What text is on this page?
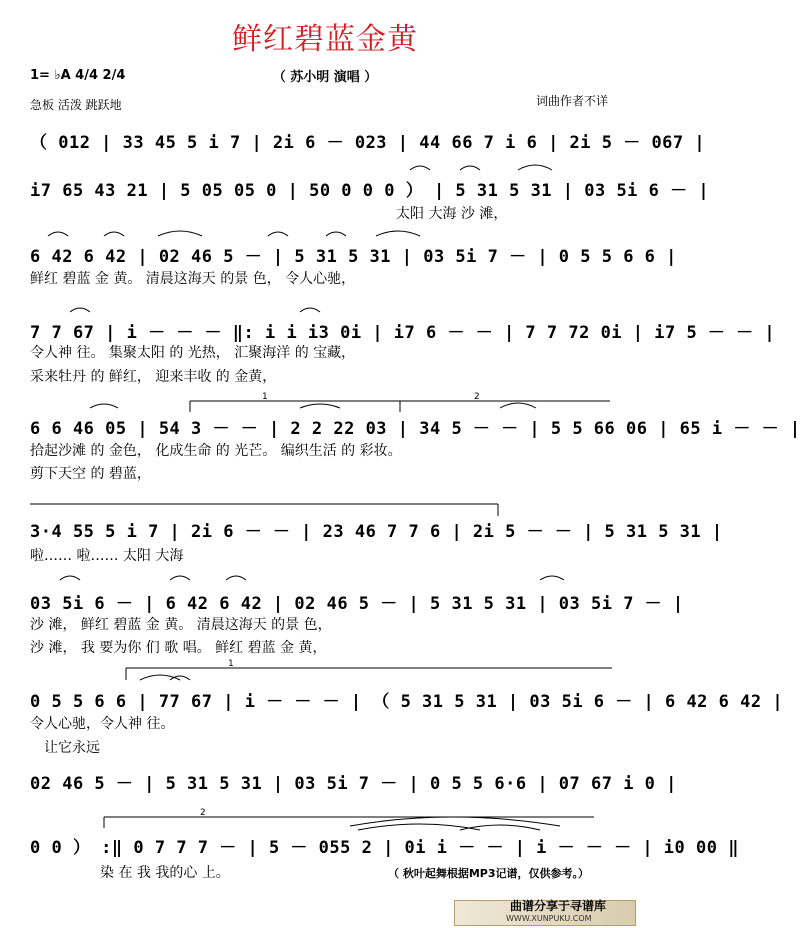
鲜红碧蓝金黄
（ 苏小明 演唱 ）
1= ♭A 4/4 2/4
急板 活泼 跳跃地	词曲作者不详
（ 012 | 33 45 5 i 7 | 2i 6 － 023 | 44 66 7 i 6 | 2i 5 － 067 |
i7 65 43 21 | 5 05 05 0 | 50 0 0 0 ） | 5 31 5 31 | 03 5i 6 － |
太阳 大海 沙 滩，
6 42 6 42 | 02 46 5 － | 5 31 5 31 | 03 5i 7 － | 0 5 5 6 6 |
鲜红 碧蓝 金 黄。 清晨这海天 的景 色， 令人心驰，
7 7 67 | i － － － ‖: i i i3 0i | i7 6 － － | 7 7 72 0i | i7 5 － － |
令人神 往。 集聚太阳 的 光热， 汇聚海洋 的 宝藏，
采来牡丹 的 鲜红， 迎来丰收 的 金黄，
6 6 46 05 | 54 3 － － | 2 2 22 03 | 34 5 － － | 5 5 66 06 | 65 i － － |
拾起沙滩 的 金色， 化成生命 的 光芒。 编织生活 的 彩妆。
剪下天空 的 碧蓝，
3·4 55 5 i 7 | 2i 6 － － | 23 46 7 7 6 | 2i 5 － － | 5 31 5 31 |
啦…… 啦…… 太阳 大海
03 5i 6 － | 6 42 6 42 | 02 46 5 － | 5 31 5 31 | 03 5i 7 － |
沙 滩， 鲜红 碧蓝 金 黄。 清晨这海天 的景 色，
沙 滩， 我 要为你 们 歌 唱。 鲜红 碧蓝 金 黄，
0 5 5 6 6 | 77 67 | i － － － | （ 5 31 5 31 | 03 5i 6 － | 6 42 6 42 |
令人心驰，令人神 往。
让它永远
02 46 5 － | 5 31 5 31 | 03 5i 7 － | 0 5 5 6·6 | 07 67 i 0 |
0 0 ） :‖ 0 7 7 7 － | 5 － 055 2 | 0i i － － | i － － － | i0 00 ‖
染 在 我 我的心 上。	（ 秋叶起舞根据MP3记谱，仅供参考。）
1	2
1
2
曲谱分享于寻谱库
WWW.XUNPUKU.COM
